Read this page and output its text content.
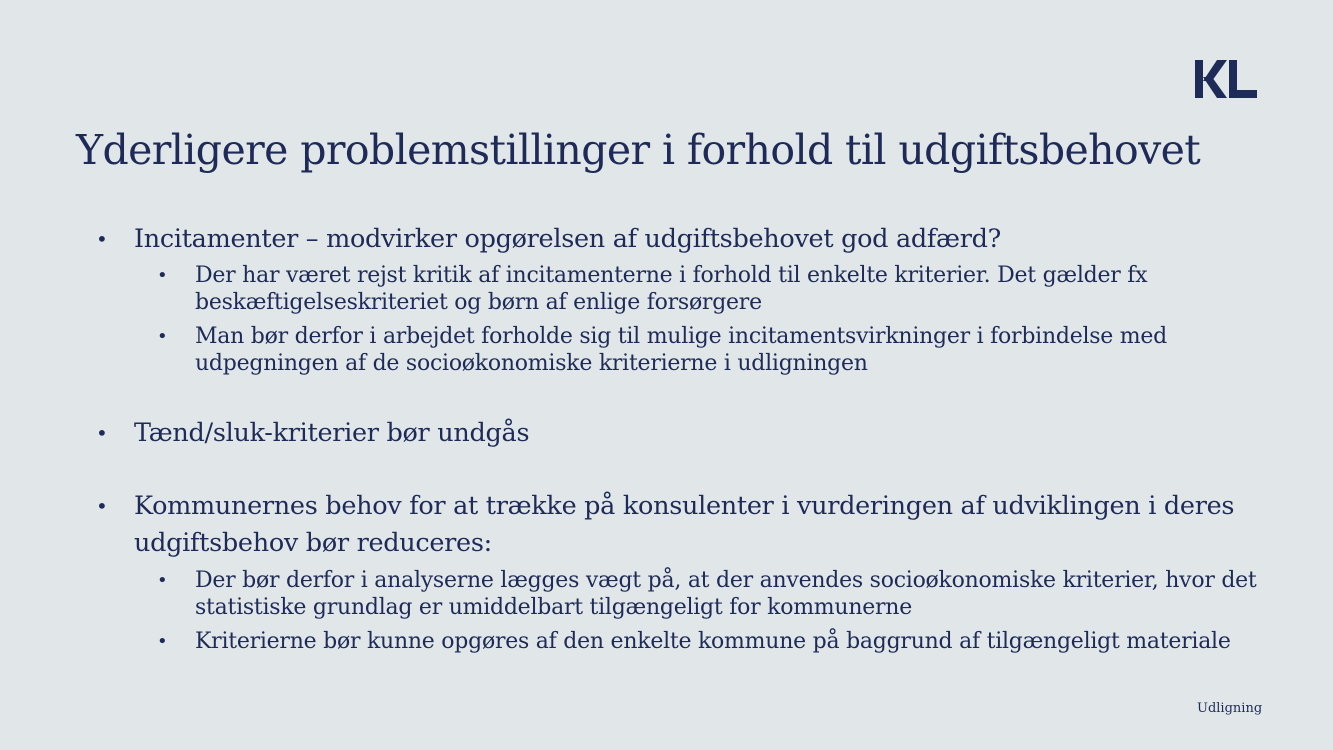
Yderligere problemstillinger i forhold til udgiftsbehovet

• Incitamenter – modvirker opgørelsen af udgiftsbehovet god adfærd?

• Der har været rejst kritik af incitamenterne i forhold til enkelte kriterier. Det gælder fx beskæftigelseskriteriet og børn af enlige forsørgere

• Man bør derfor i arbejdet forholde sig til mulige incitamentsvirkninger i forbindelse med udpegningen af de socioøkonomiske kriterierne i udligningen

• Tænd/sluk-kriterier bør undgås

• Kommunernes behov for at trække på konsulenter i vurderingen af udviklingen i deres udgiftsbehov bør reduceres:

• Der bør derfor i analyserne lægges vægt på, at der anvendes socioøkonomiske kriterier, hvor det statistiske grundlag er umiddelbart tilgængeligt for kommunerne

• Kriterierne bør kunne opgøres af den enkelte kommune på baggrund af tilgængeligt materiale

Udligning
